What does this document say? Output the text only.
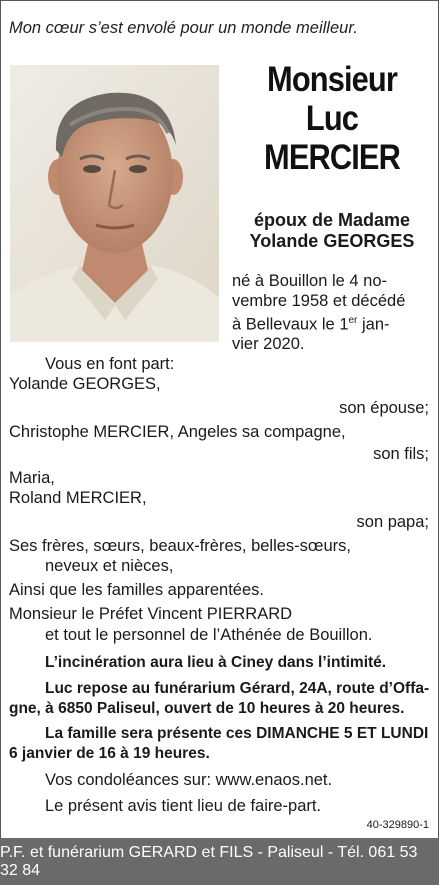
Mon cœur s’est envolé pour un monde meilleur.
Monsieur
Luc
MERCIER
époux de Madame
Yolande GEORGES
né à Bouillon le 4 no-
vembre 1958 et décédé
à Bellevaux le 1er jan-
vier 2020.
Vous en font part:
Yolande GEORGES,
son épouse;
Christophe MERCIER, Angeles sa compagne,
son fils;
Maria,
Roland MERCIER,
son papa;
Ses frères, sœurs, beaux-frères, belles-sœurs,
neveux et nièces,
Ainsi que les familles apparentées.
Monsieur le Préfet Vincent PIERRARD
et tout le personnel de l’Athénée de Bouillon.
L’incinération aura lieu à Ciney dans l’intimité.
Luc repose au funérarium Gérard, 24A, route d’Offa-
gne, à 6850 Paliseul, ouvert de 10 heures à 20 heures.
La famille sera présente ces DIMANCHE 5 ET LUNDI
6 janvier de 16 à 19 heures.
Vos condoléances sur: www.enaos.net.
Le présent avis tient lieu de faire-part.
40-329890-1
P.F. et funérarium GERARD et FILS - Paliseul - Tél. 061 53 32 84
